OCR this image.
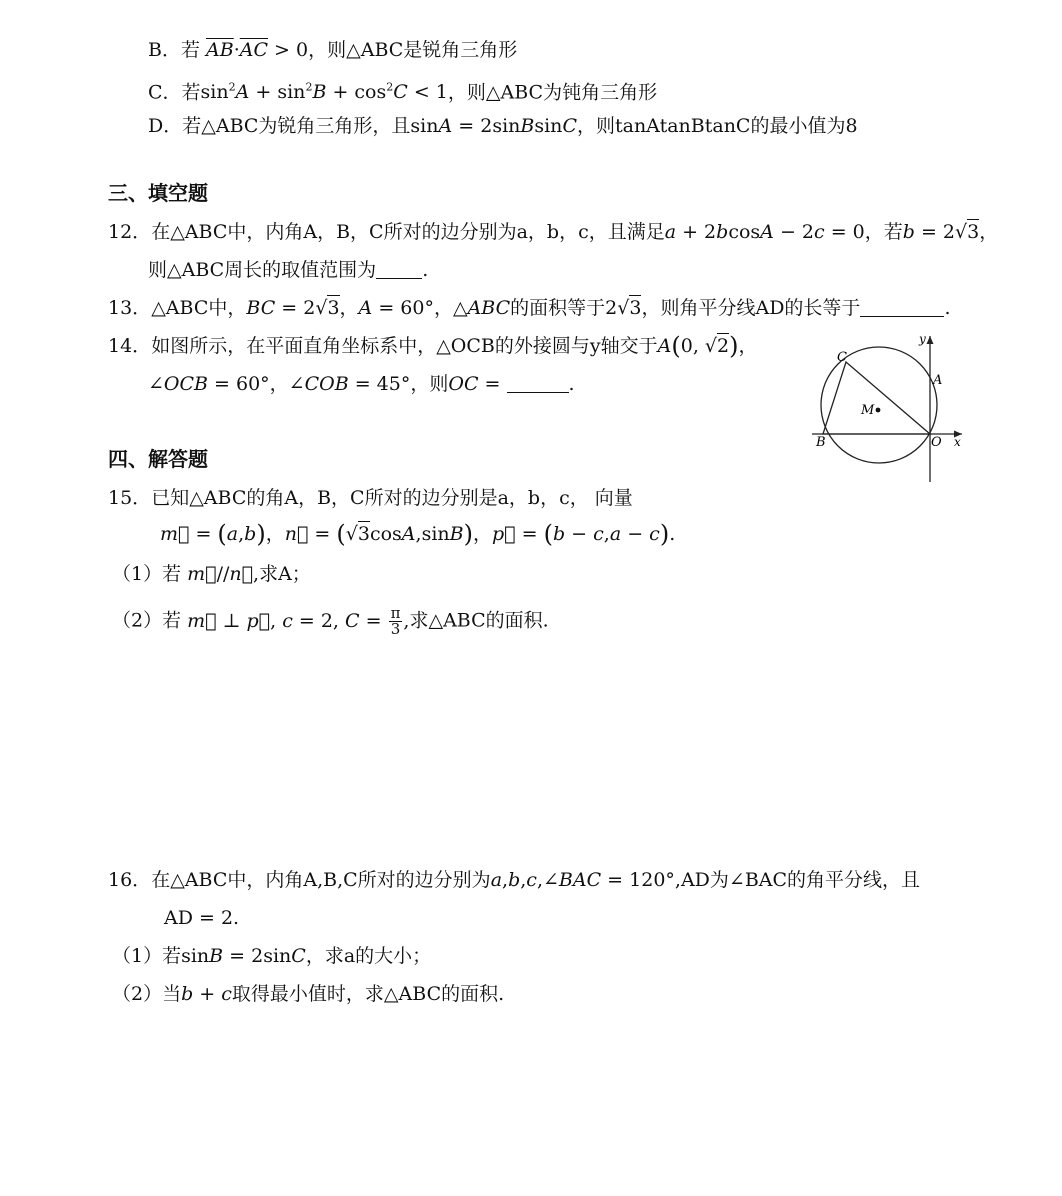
B．若 $\overline{AB}\cdot\overline{AC} > 0$，则△ABC是锐角三角形
C．若$\sin^2A + \sin^2B + \cos^2C < 1$，则△ABC为钝角三角形
D．若△ABC为锐角三角形，且sinA = 2sinBsinC，则tanAtanBtanC的最小值为8
三、填空题
12．在△ABC中，内角A，B，C所对的边分别为a，b，c，且满足a + 2bcosA − 2c = 0，若b = 2√3，
则△ABC周长的取值范围为 .
13．△ABC中，BC = 2√3，A = 60°，△ABC的面积等于2√3，则角平分线AD的长等于	.
14．如图所示，在平面直角坐标系中，△OCB的外接圆与y轴交于A(0, √2)，
∠OCB = 60°，∠COB = 45°，则OC =	.
C
A
M
B	O x
y
四、解答题
15．已知△ABC的角A，B，C所对的边分别是a，b，c， 向量
m⃗ = (a,b)，n⃗ = (√3cosA,sinB)，p⃗ = (b − c,a − c).
（1）若 m⃗//n⃗,求A；
（2）若 m⃗ ⊥ p⃗, c = 2, $C = \frac{\pi}{3}$ ,求△ABC的面积.
16．在△ABC中，内角A,B,C所对的边分别为a,b,c,∠BAC = 120°,AD为∠BAC的角平分线，且
AD = 2.
（1）若sinB = 2sinC，求a的大小；
（2）当b + c取得最小值时，求△ABC的面积.
